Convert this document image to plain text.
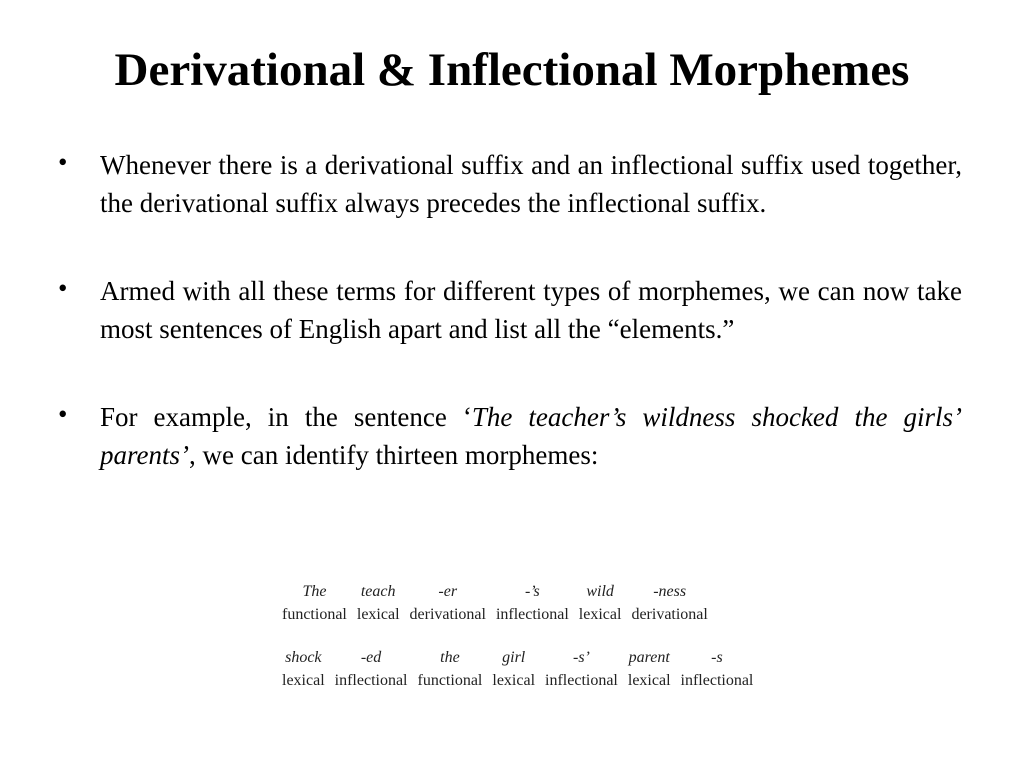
Derivational & Inflectional Morphemes
• Whenever there is a derivational suffix and an inflectional suffix used together, the derivational suffix always precedes the inflectional suffix.

• Armed with all these terms for different types of morphemes, we can now take most sentences of English apart and list all the “elements.”

• For example, in the sentence ‘The teacher’s wildness shocked the girls’ parents’, we can identify thirteen morphemes:

The
functional
teach
lexical
-er
derivational
-’s
inflectional
wild
lexical
-ness
derivational
shock
lexical
-ed
inflectional
the
functional
girl
lexical
-s’
inflectional
parent
lexical
-s
inflectional
